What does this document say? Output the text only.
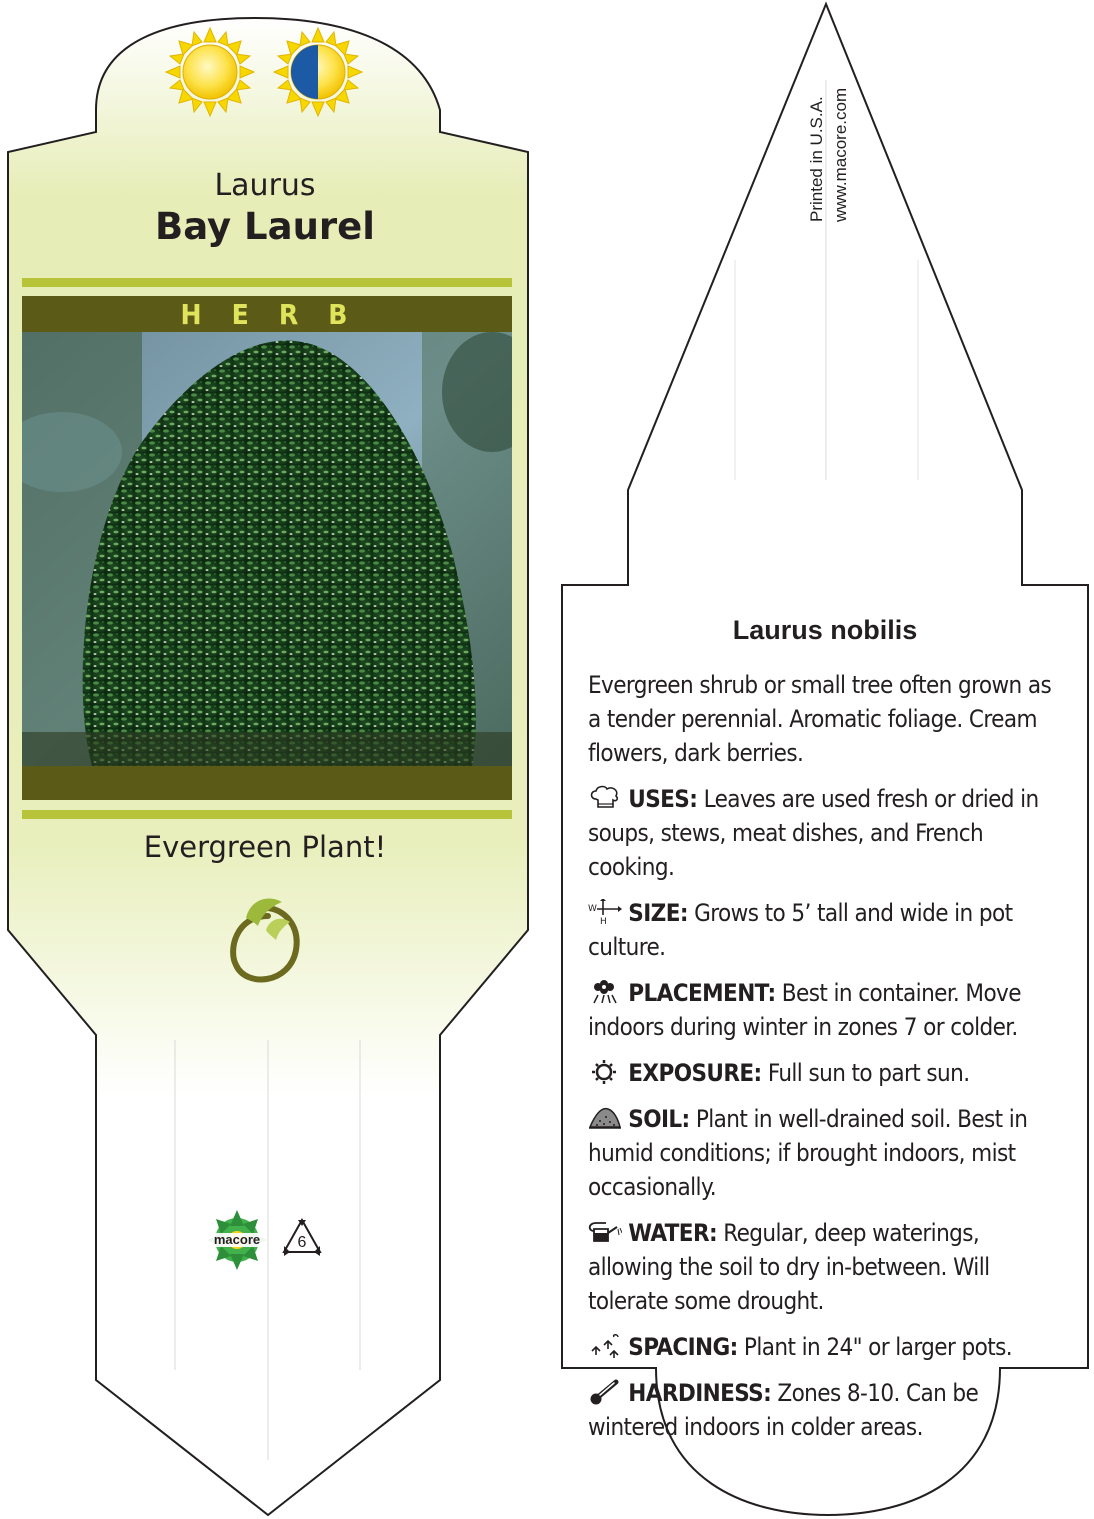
Laurus
Bay Laurel
HERB
Evergreen Plant!
macore	6
Printed in U.S.A. www.macore.com
Laurus nobilis

Evergreen shrub or small tree often grown as a tender perennial. Aromatic foliage. Cream flowers, dark berries.

USES: Leaves are used fresh or dried in soups, stews, meat dishes, and French cooking.

W
H SIZE: Grows to 5’ tall and wide in pot culture.

PLACEMENT: Best in container. Move indoors during winter in zones 7 or colder.

EXPOSURE: Full sun to part sun.

SOIL: Plant in well-drained soil. Best in humid conditions; if brought indoors, mist occasionally.

WATER: Regular, deep waterings, allowing the soil to dry in-between. Will tolerate some drought.

SPACING: Plant in 24" or larger pots.

HARDINESS: Zones 8-10. Can be wintered indoors in colder areas.
